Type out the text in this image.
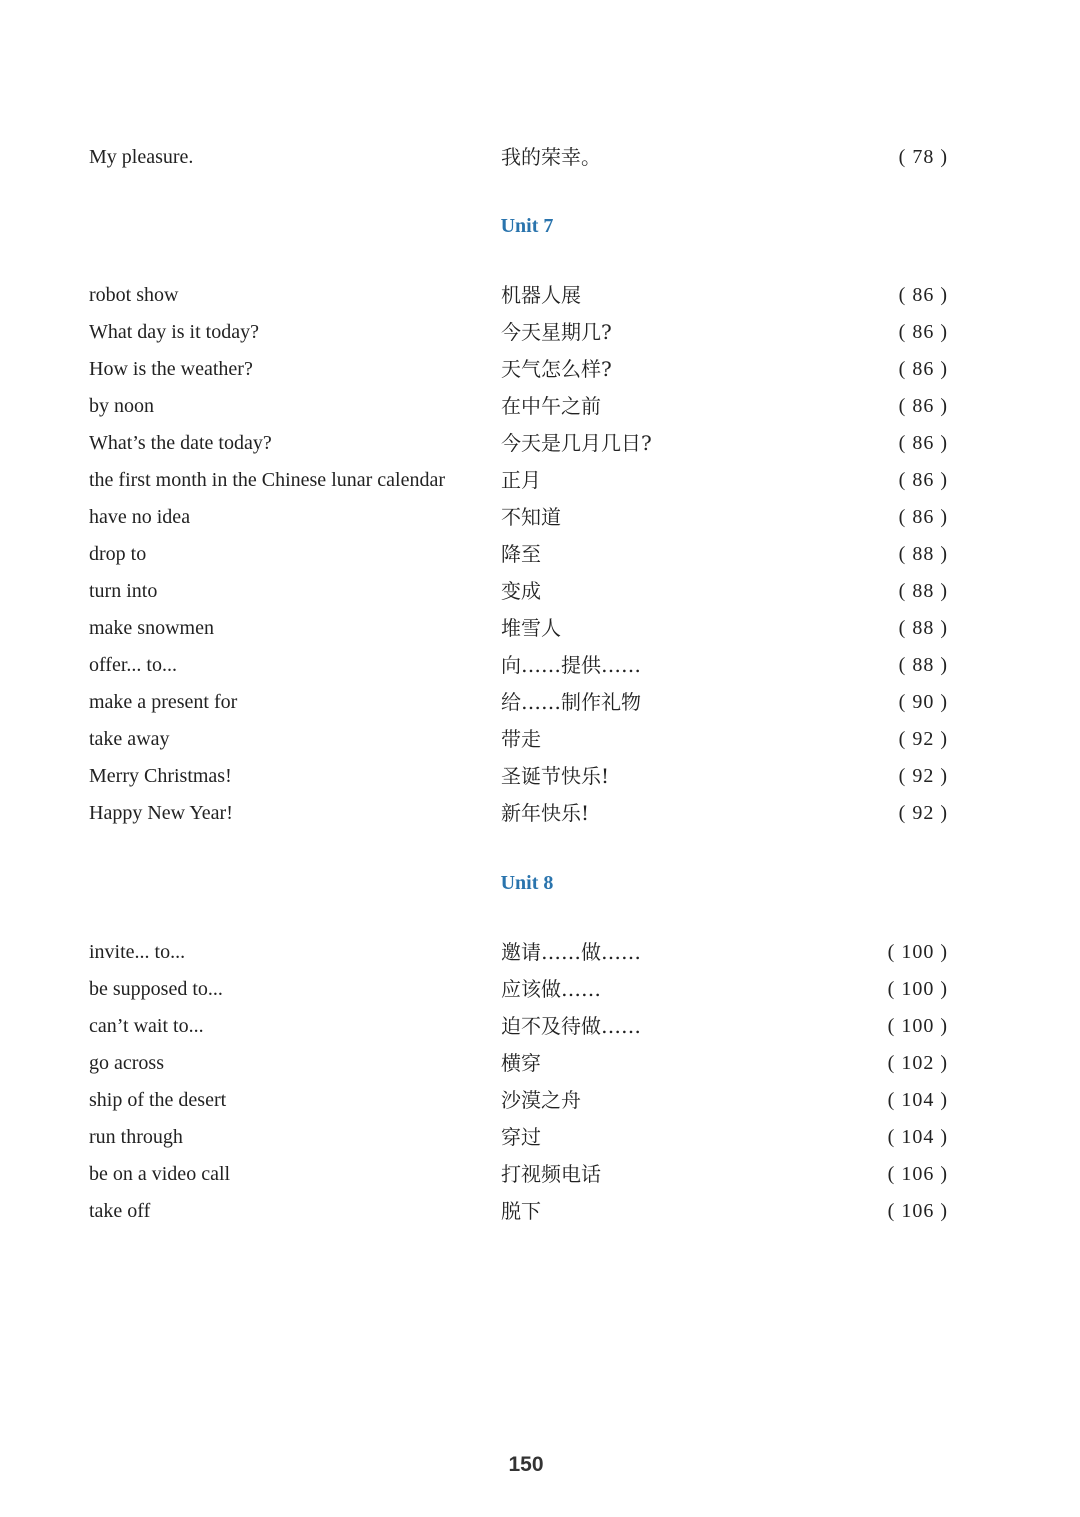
My pleasure.	我的荣幸。	( 78 )
Unit 7
robot show	机器人展	( 86 )
What day is it today?	今天星期几?	( 86 )
How is the weather?	天气怎么样?	( 86 )
by noon	在中午之前	( 86 )
What’s the date today?	今天是几月几日?	( 86 )
the first month in the Chinese lunar calendar	正月	( 86 )
have no idea	不知道	( 86 )
drop to	降至	( 88 )
turn into	变成	( 88 )
make snowmen	堆雪人	( 88 )
offer... to...	向……提供……	( 88 )
make a present for	给……制作礼物	( 90 )
take away	带走	( 92 )
Merry Christmas!	圣诞节快乐!	( 92 )
Happy New Year!	新年快乐!	( 92 )
Unit 8
invite... to...	邀请……做……	( 100 )
be supposed to...	应该做……	( 100 )
can’t wait to...	迫不及待做……	( 100 )
go across	横穿	( 102 )
ship of the desert	沙漠之舟	( 104 )
run through	穿过	( 104 )
be on a video call	打视频电话	( 106 )
take off	脱下	( 106 )
150
